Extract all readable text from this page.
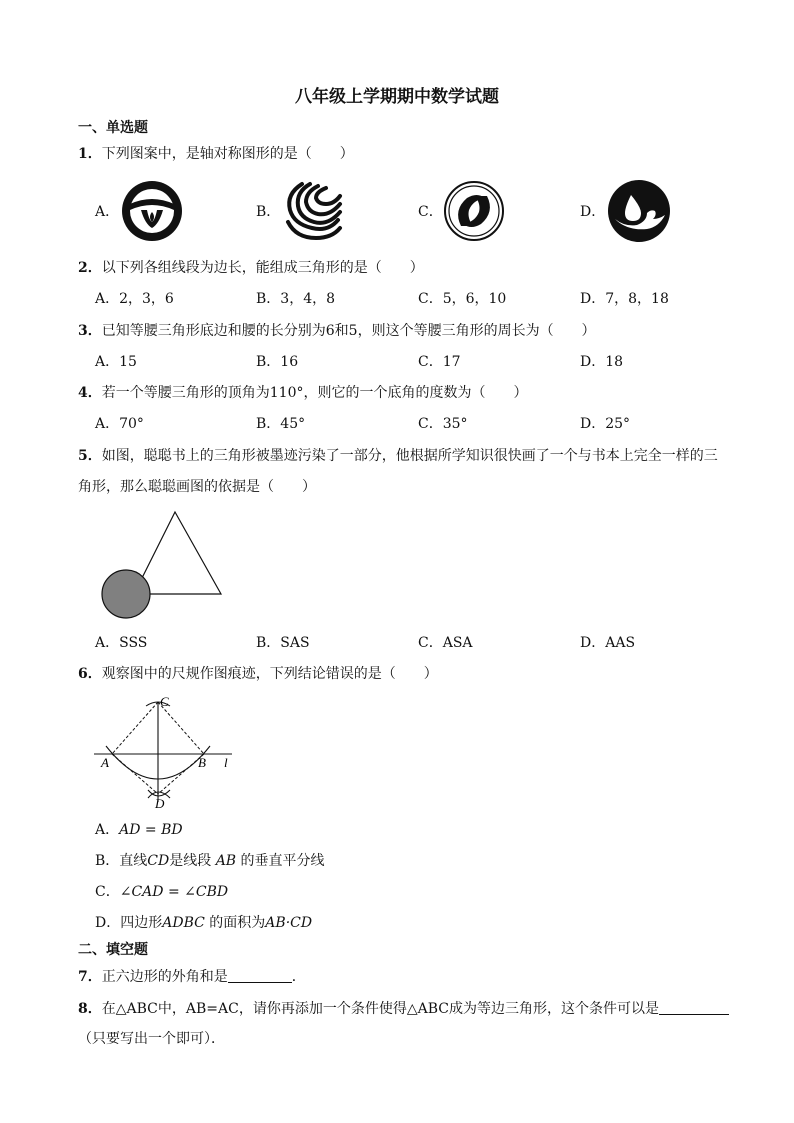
八年级上学期期中数学试题
一、单选题
1．下列图案中，是轴对称图形的是（　　）
A．	B．	C．	D．
2．以下列各组线段为边长，能组成三角形的是（　　）
A．2，3，6	B．3，4，8	C．5，6，10	D．7，8，18
3．已知等腰三角形底边和腰的长分别为6和5，则这个等腰三角形的周长为（　　）
A．15	B．16	C．17	D．18
4．若一个等腰三角形的顶角为110°，则它的一个底角的度数为（　　）
A．70°	B．45°	C．35°	D．25°
5．如图，聪聪书上的三角形被墨迹污染了一部分，他根据所学知识很快画了一个与书本上完全一样的三
角形，那么聪聪画图的依据是（　　）
A．SSS	B．SAS	C．ASA	D．AAS
6．观察图中的尺规作图痕迹，下列结论错误的是（　　）
C
A	B l
D
A．AD = BD
B．直线CD是线段 AB 的垂直平分线
C．∠CAD = ∠CBD
D．四边形ADBC 的面积为AB·CD
二、填空题
7．正六边形的外角和是	．
8．在△ABC中，AB=AC，请你再添加一个条件使得△ABC成为等边三角形，这个条件可以是
（只要写出一个即可）．
